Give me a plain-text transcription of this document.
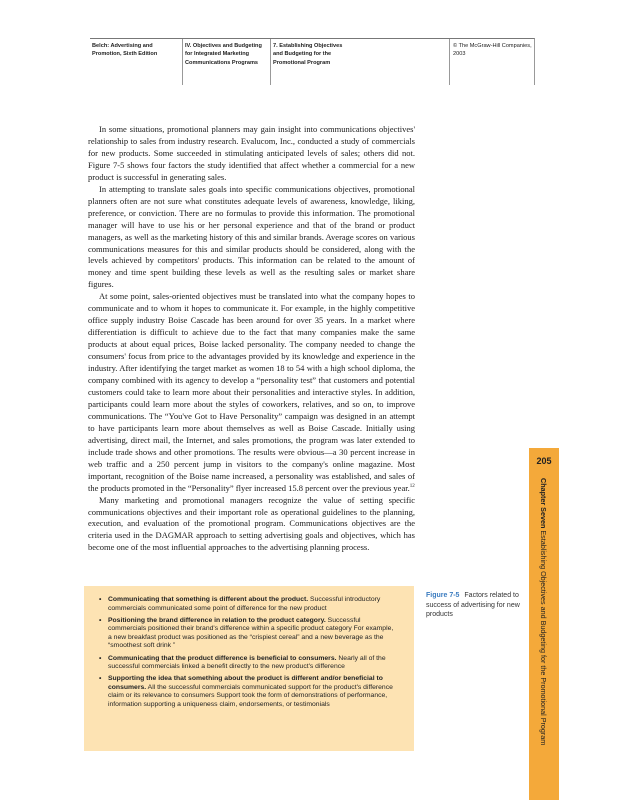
Belch: Advertising and Promotion, Sixth Edition
IV. Objectives and Budgeting for Integrated Marketing Communications Programs
7. Establishing Objectives and Budgeting for the Promotional Program
© The McGraw-Hill Companies, 2003

In some situations, promotional planners may gain insight into communications objectives' relationship to sales from industry research. Evalucom, Inc., conducted a study of commercials for new products. Some succeeded in stimulating anticipated levels of sales; others did not. Figure 7-5 shows four factors the study identified that affect whether a commercial for a new product is successful in generating sales.

In attempting to translate sales goals into specific communications objectives, promotional planners often are not sure what constitutes adequate levels of awareness, knowledge, liking, preference, or conviction. There are no formulas to provide this information. The promotional manager will have to use his or her personal experience and that of the brand or product managers, as well as the marketing history of this and similar brands. Average scores on various communications measures for this and similar products should be considered, along with the levels achieved by competitors' products. This information can be related to the amount of money and time spent building these levels as well as the resulting sales or market share figures.

At some point, sales-oriented objectives must be translated into what the company hopes to communicate and to whom it hopes to communicate it. For example, in the highly competitive office supply industry Boise Cascade has been around for over 35 years. In a market where differentiation is difficult to achieve due to the fact that many companies make the same products at about equal prices, Boise lacked personality. The company needed to change the consumers' focus from price to the advantages provided by its knowledge and experience in the industry. After identifying the target market as women 18 to 54 with a high school diploma, the company combined with its agency to develop a “personality test” that customers and potential customers could take to learn more about their personalities and interactive styles. In addition, participants could learn more about the styles of coworkers, relatives, and so on, to improve communications. The “You've Got to Have Personality” campaign was designed in an attempt to have participants learn more about themselves as well as Boise Cascade. Initially using advertising, direct mail, the Internet, and sales promotions, the program was later extended to include trade shows and other promotions. The results were obvious—a 30 percent increase in web traffic and a 250 percent jump in visitors to the company's online magazine. Most important, recognition of the Boise name increased, a personality was established, and sales of the products promoted in the “Personality” flyer increased 15.8 percent over the previous year.$^{12}$

Many marketing and promotional managers recognize the value of setting specific communications objectives and their important role as operational guidelines to the planning, execution, and evaluation of the promotional program. Communications objectives are the criteria used in the DAGMAR approach to setting advertising goals and objectives, which has become one of the most influential approaches to the advertising planning process.

• Communicating that something is different about the product. Successful introductory commercials communicated some point of difference for the new product
• Positioning the brand difference in relation to the product category. Successful commercials positioned their brand's difference within a specific product category For example, a new breakfast product was positioned as the “crispiest cereal” and a new beverage as the “smoothest soft drink ”
• Communicating that the product difference is beneficial to consumers. Nearly all of the successful commercials linked a benefit directly to the new product's difference
• Supporting the idea that something about the product is different and/or beneficial to consumers. All the successful commercials communicated support for the product's difference claim or its relevance to consumers Support took the form of demonstrations of performance, information supporting a uniqueness claim, endorsements, or testimonials
Figure 7-5 Factors related to success of advertising for new products
205
Chapter Seven Establishing Objectives and Budgeting for the Promotional Program
